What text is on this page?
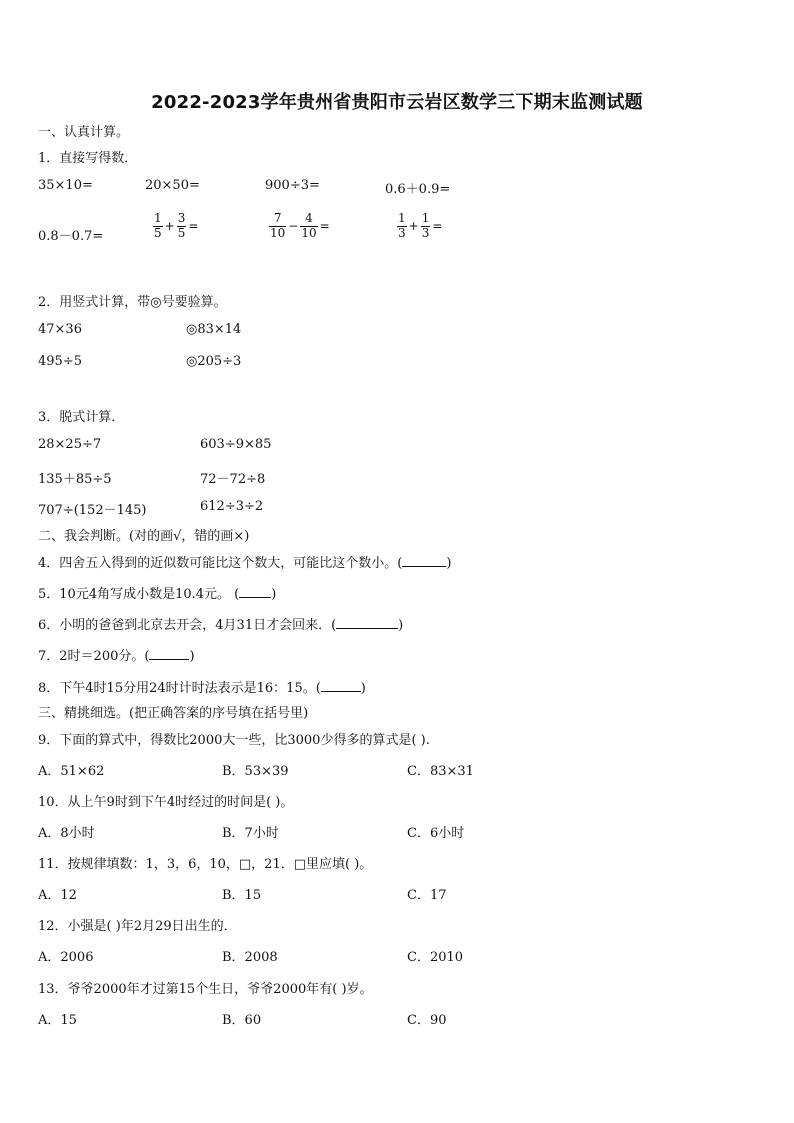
2022-2023学年贵州省贵阳市云岩区数学三下期末监测试题
一、认真计算。
1．直接写得数．
35×10=	20×50=	900÷3=	0.6＋0.9=
0.8－0.7=	$\frac{1}{5} + \frac{3}{5}$ =	$\frac{7}{10} - \frac{4}{10}$ =	$\frac{1}{3} + \frac{1}{3}$ =
2．用竖式计算，带◎号要验算。
47×36	◎83×14
495÷5	◎205÷3
3．脱式计算．
28×25÷7	603÷9×85
135＋85÷5	72－72÷8
707÷(152－145)	612÷3÷2
二、我会判断。(对的画√，错的画×)
4．四舍五入得到的近似数可能比这个数大，可能比这个数小。(	)
5．10元4角写成小数是10.4元。 ( )
6．小明的爸爸到北京去开会，4月31日才会回来．(	)
7．2时＝200分。(	)
8．下午4时15分用24时计时法表示是16：15。(	)
三、精挑细选。(把正确答案的序号填在括号里)
9．下面的算式中，得数比2000大一些，比3000少得多的算式是( ).
A．51×62	B．53×39	C．83×31
10．从上午9时到下午4时经过的时间是( )。
A．8小时	B．7小时	C．6小时
11．按规律填数：1，3，6，10，□，21．□里应填( )。
A．12	B．15	C．17
12．小强是( )年2月29日出生的．
A．2006	B．2008	C．2010
13．爷爷2000年才过第15个生日，爷爷2000年有( )岁。
A．15	B．60	C．90
